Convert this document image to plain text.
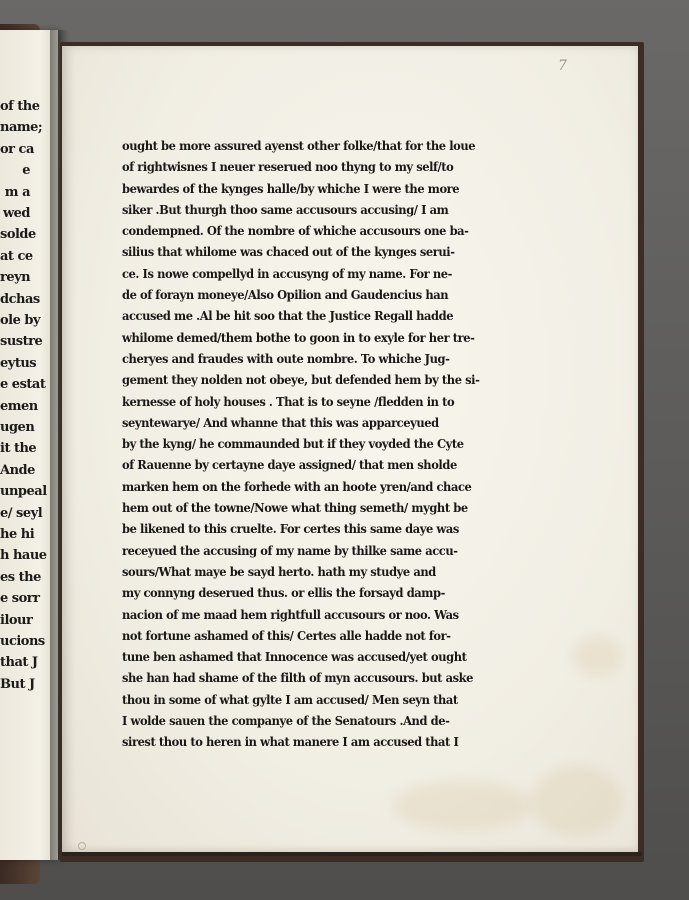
of the
name;
or ca
e
m a
wed
solde
at ce
reyn
dchas
ole by
sustre
eytus
e estat
emen
ugen
it the
Ande
unpeal
e/ seyl
he hi
h haue
es the
e sorr
ilour
ucions
that J
But J
7
ought be more assured ayenst other folke/that for the loue
of rightwisnes I neuer reserued noo thyng to my self/to
bewardes of the kynges halle/by whiche I were the more
siker .But thurgh thoo same accusours accusing/ I am
condempned. Of the nombre of whiche accusours one ba-
silius that whilome was chaced out of the kynges serui-
ce. Is nowe compellyd in accusyng of my name. For ne-
de of forayn moneye/Also Opilion and Gaudencius han
accused me .Al be hit soo that the Justice Regall hadde
whilome demed/them bothe to goon in to exyle for her tre-
cheryes and fraudes with oute nombre. To whiche Jug-
gement they nolden not obeye, but defended hem by the si-
kernesse of holy houses . That is to seyne /fledden in to
seyntewarye/ And whanne that this was apparceyued
by the kyng/ he commaunded but if they voyded the Cyte
of Rauenne by certayne daye assigned/ that men sholde
marken hem on the forhede with an hoote yren/and chace
hem out of the towne/Nowe what thing semeth/ myght be
be likened to this cruelte. For certes this same daye was
receyued the accusing of my name by thilke same accu-
sours/What maye be sayd herto. hath my studye and
my connyng deserued thus. or ellis the forsayd damp-
nacion of me maad hem rightfull accusours or noo. Was
not fortune ashamed of this/ Certes alle hadde not for-
tune ben ashamed that Innocence was accused/yet ought
she han had shame of the filth of myn accusours. but aske
thou in some of what gylte I am accused/ Men seyn that
I wolde sauen the companye of the Senatours .And de-
sirest thou to heren in what manere I am accused that I
